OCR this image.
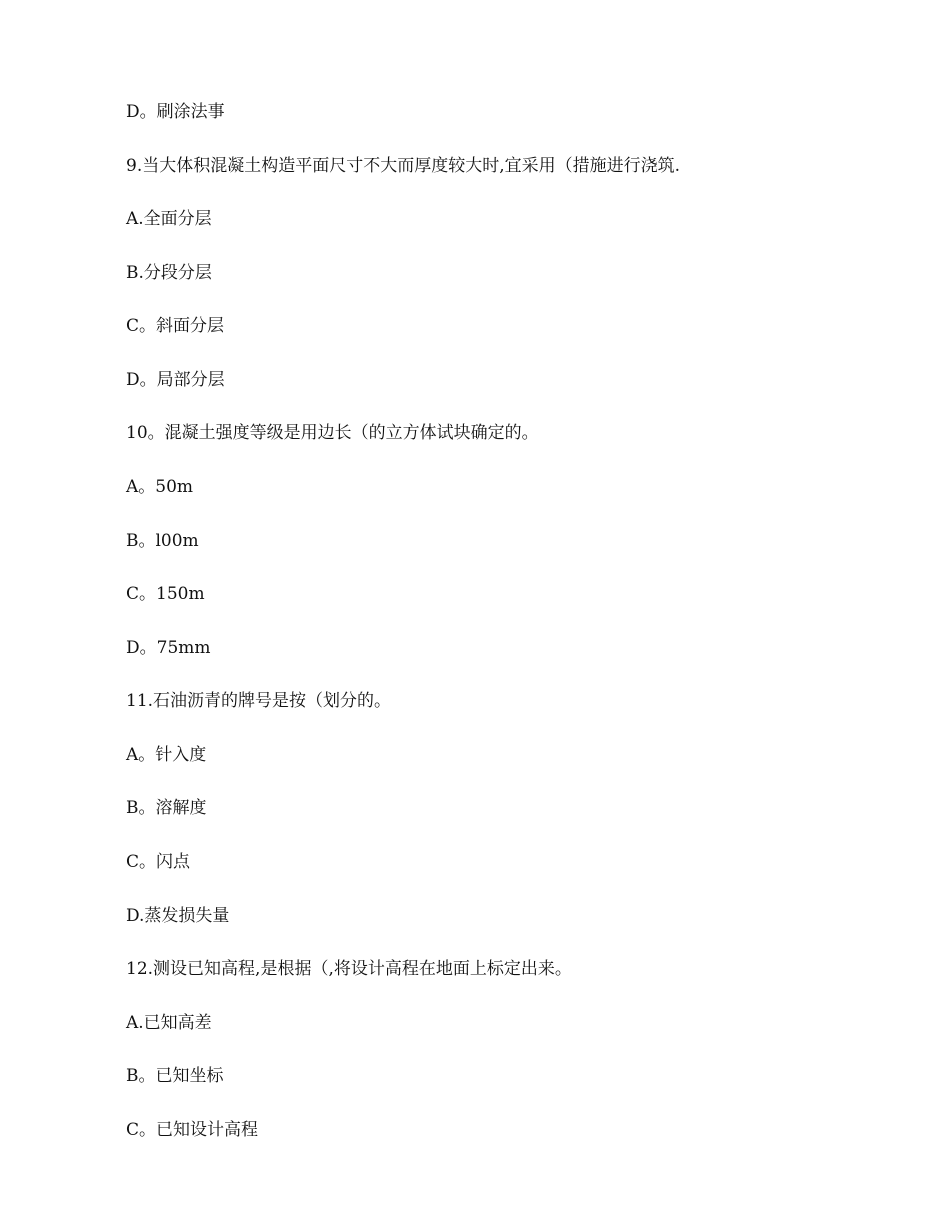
D。刷涂法事
9.当大体积混凝土构造平面尺寸不大而厚度较大时,宜采用（措施进行浇筑.
A.全面分层
B.分段分层
C。斜面分层
D。局部分层
10。混凝土强度等级是用边长（的立方体试块确定的。
A。50m
B。l00m
C。150m
D。75mm
11.石油沥青的牌号是按（划分的。
A。针入度
B。溶解度
C。闪点
D.蒸发损失量
12.测设已知高程,是根据（,将设计高程在地面上标定出来。
A.已知高差
B。已知坐标
C。已知设计高程
